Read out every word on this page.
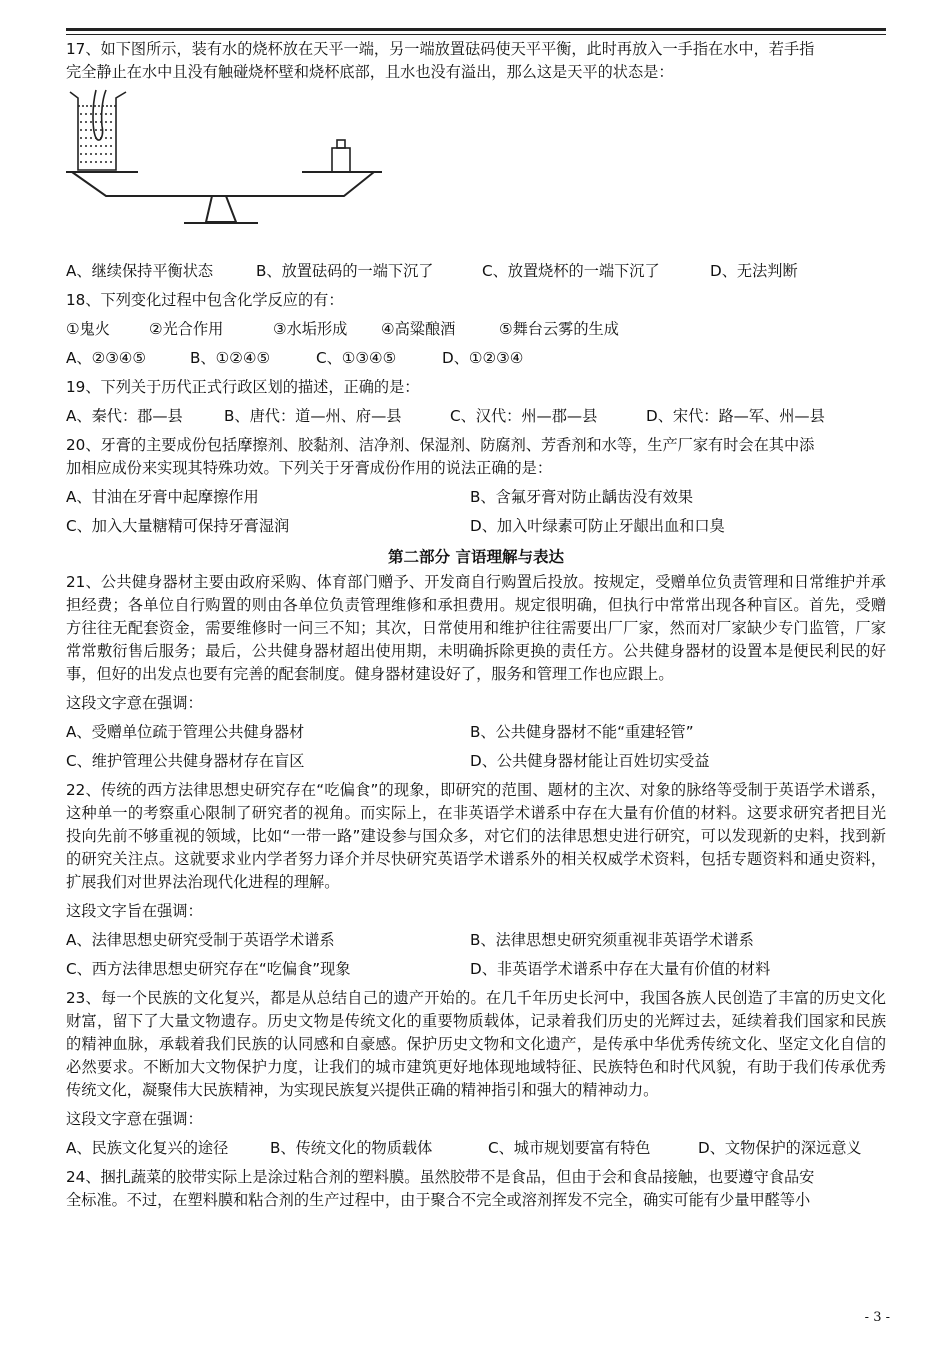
17、如下图所示，装有水的烧杯放在天平一端，另一端放置砝码使天平平衡，此时再放入一手指在水中，若手指
完全静止在水中且没有触碰烧杯壁和烧杯底部，且水也没有溢出，那么这是天平的状态是：
A、继续保持平衡状态	B、放置砝码的一端下沉了	C、放置烧杯的一端下沉了	D、无法判断
18、下列变化过程中包含化学反应的有：
①鬼火	②光合作用	③水垢形成	④高粱酿酒	⑤舞台云雾的生成
A、②③④⑤	B、①②④⑤	C、①③④⑤	D、①②③④
19、下列关于历代正式行政区划的描述，正确的是：
A、秦代：郡—县	B、唐代：道—州、府—县	C、汉代：州—郡—县	D、宋代：路—军、州—县
20、牙膏的主要成份包括摩擦剂、胶黏剂、洁净剂、保湿剂、防腐剂、芳香剂和水等，生产厂家有时会在其中添
加相应成份来实现其特殊功效。下列关于牙膏成份作用的说法正确的是：
A、甘油在牙膏中起摩擦作用	B、含氟牙膏对防止龋齿没有效果
C、加入大量糖精可保持牙膏湿润	D、加入叶绿素可防止牙龈出血和口臭
第二部分 言语理解与表达
21、公共健身器材主要由政府采购、体育部门赠予、开发商自行购置后投放。按规定，受赠单位负责管理和日常维护并承担经费；各单位自行购置的则由各单位负责管理维修和承担费用。规定很明确，但执行中常常出现各种盲区。首先，受赠方往往无配套资金，需要维修时一问三不知；其次，日常使用和维护往往需要出厂厂家，然而对厂家缺少专门监管，厂家常常敷衍售后服务；最后，公共健身器材超出使用期，未明确拆除更换的责任方。公共健身器材的设置本是便民利民的好事，但好的出发点也要有完善的配套制度。健身器材建设好了，服务和管理工作也应跟上。
这段文字意在强调：
A、受赠单位疏于管理公共健身器材	B、公共健身器材不能“重建轻管”
C、维护管理公共健身器材存在盲区	D、公共健身器材能让百姓切实受益
22、传统的西方法律思想史研究存在“吃偏食”的现象，即研究的范围、题材的主次、对象的脉络等受制于英语学术谱系，这种单一的考察重心限制了研究者的视角。而实际上，在非英语学术谱系中存在大量有价值的材料。这要求研究者把目光投向先前不够重视的领域，比如“一带一路”建设参与国众多，对它们的法律思想史进行研究，可以发现新的史料，找到新的研究关注点。这就要求业内学者努力译介并尽快研究英语学术谱系外的相关权威学术资料，包括专题资料和通史资料，扩展我们对世界法治现代化进程的理解。
这段文字旨在强调：
A、法律思想史研究受制于英语学术谱系	B、法律思想史研究须重视非英语学术谱系
C、西方法律思想史研究存在“吃偏食”现象	D、非英语学术谱系中存在大量有价值的材料
23、每一个民族的文化复兴，都是从总结自己的遗产开始的。在几千年历史长河中，我国各族人民创造了丰富的历史文化财富，留下了大量文物遗存。历史文物是传统文化的重要物质载体，记录着我们历史的光辉过去，延续着我们国家和民族的精神血脉，承载着我们民族的认同感和自豪感。保护历史文物和文化遗产，是传承中华优秀传统文化、坚定文化自信的必然要求。不断加大文物保护力度，让我们的城市建筑更好地体现地域特征、民族特色和时代风貌，有助于我们传承优秀传统文化，凝聚伟大民族精神，为实现民族复兴提供正确的精神指引和强大的精神动力。
这段文字意在强调：
A、民族文化复兴的途径	B、传统文化的物质载体	C、城市规划要富有特色	D、文物保护的深远意义
24、捆扎蔬菜的胶带实际上是涂过粘合剂的塑料膜。虽然胶带不是食品，但由于会和食品接触，也要遵守食品安
全标准。不过，在塑料膜和粘合剂的生产过程中，由于聚合不完全或溶剂挥发不完全，确实可能有少量甲醛等小
- 3 -
